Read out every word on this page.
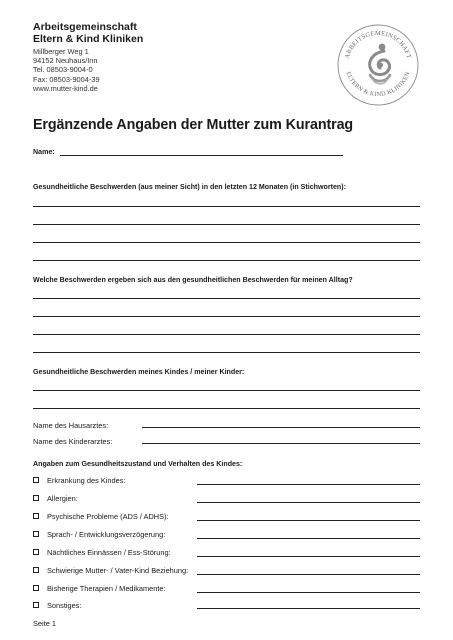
Arbeitsgemeinschaft
Eltern & Kind Kliniken
Millberger Weg 1
94152 Neuhaus/Inn
Tel. 08503-9004-0
Fax: 08503-9004-39
www.mutter-kind.de
ARBEITSGEMEINSCHAFT
ELTERN & KIND KLINIKEN
Ergänzende Angaben der Mutter zum Kurantrag
Name:
Gesundheitliche Beschwerden (aus meiner Sicht) in den letzten 12 Monaten (in Stichworten):
Welche Beschwerden ergeben sich aus den gesundheitlichen Beschwerden für meinen Alltag?
Gesundheitliche Beschwerden meines Kindes / meiner Kinder:
Name des Hausarztes:
Name des Kinderarztes:
Angaben zum Gesundheitszustand und Verhalten des Kindes:
Erkrankung des Kindes:
Allergien:
Psychische Probleme (ADS / ADHS):
Sprach- / Entwicklungsverzögerung:
Nächtliches Einnässen / Ess-Störung:
Schwierige Mutter- / Vater-Kind Beziehung:
Bisherige Therapien / Medikamente:
Sonstiges:
Seite 1
